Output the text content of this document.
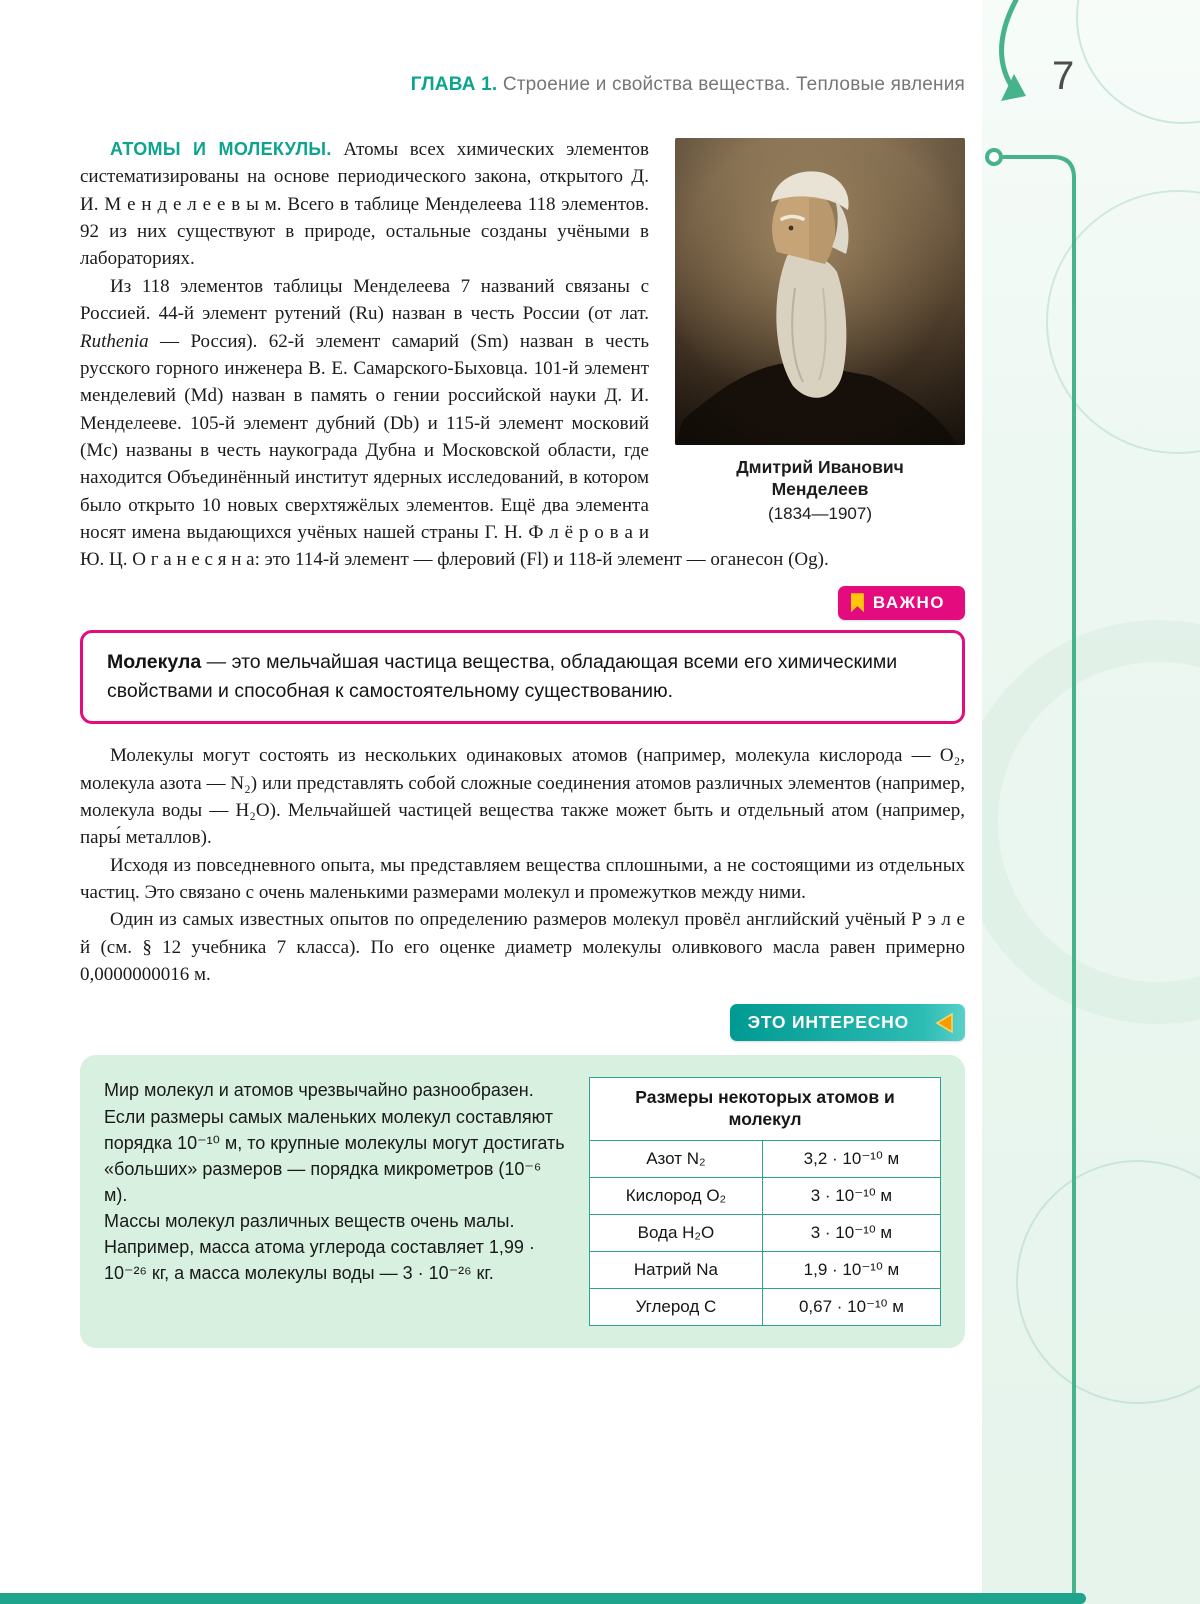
7
ГЛАВА 1. Строение и свойства вещества. Тепловые явления
Дмитрий Иванович Менделеев
(1834—1907)

АТОМЫ И МОЛЕКУЛЫ. Атомы всех химических элементов систематизированы на основе периодического закона, открытого Д. И. М е н д е л е е в ы м. Всего в таблице Менделеева 118 элементов. 92 из них существуют в природе, остальные созданы учёными в лабораториях.

Из 118 элементов таблицы Менделеева 7 названий связаны с Россией. 44-й элемент рутений (Ru) назван в честь России (от лат. Ruthenia — Россия). 62-й элемент самарий (Sm) назван в честь русского горного инженера В. Е. Самарского-Быховца. 101-й элемент менделевий (Md) назван в память о гении российской науки Д. И. Менделееве. 105-й элемент дубний (Db) и 115-й элемент московий (Mc) названы в честь наукограда Дубна и Московской области, где находится Объединённый институт ядерных исследований, в котором было открыто 10 новых сверхтяжёлых элементов. Ещё два элемента носят имена выдающихся учёных нашей страны Г. Н. Ф л ё р о в а и Ю. Ц. О г а н е с я н а: это 114-й элемент — флеровий (Fl) и 118-й элемент — оганесон (Og).

ВАЖНО
Молекула — это мельчайшая частица вещества, обладающая всеми его химическими свойствами и способная к самостоятельному существованию.

Молекулы могут состоять из нескольких одинаковых атомов (например, молекула кислорода — O₂, молекула азота — N₂) или представлять собой сложные соединения атомов различных элементов (например, молекула воды — H₂O). Мельчайшей частицей вещества также может быть и отдельный атом (например, пары́ металлов).

Исходя из повседневного опыта, мы представляем вещества сплошными, а не состоящими из отдельных частиц. Это связано с очень маленькими размерами молекул и промежутков между ними.

Один из самых известных опытов по определению размеров молекул провёл английский учёный Р э л е й (см. § 12 учебника 7 класса). По его оценке диаметр молекулы оливкового масла равен примерно 0,0000000016 м.

ЭТО ИНТЕРЕСНО

Мир молекул и атомов чрезвычайно разнообразен.

Если размеры самых маленьких молекул составляют порядка 10⁻¹⁰ м, то крупные молекулы могут достигать «больших» размеров — порядка микрометров (10⁻⁶ м).

Массы молекул различных веществ очень малы. Например, масса атома углерода составляет 1,99 · 10⁻²⁶ кг, а масса молекулы воды — 3 · 10⁻²⁶ кг.

Размеры некоторых атомов и молекул	
Азот N₂	3,2 · 10⁻¹⁰ м
Кислород O₂	3 · 10⁻¹⁰ м
Вода H₂O	3 · 10⁻¹⁰ м
Натрий Na	1,9 · 10⁻¹⁰ м
Углерод C	0,67 · 10⁻¹⁰ м
